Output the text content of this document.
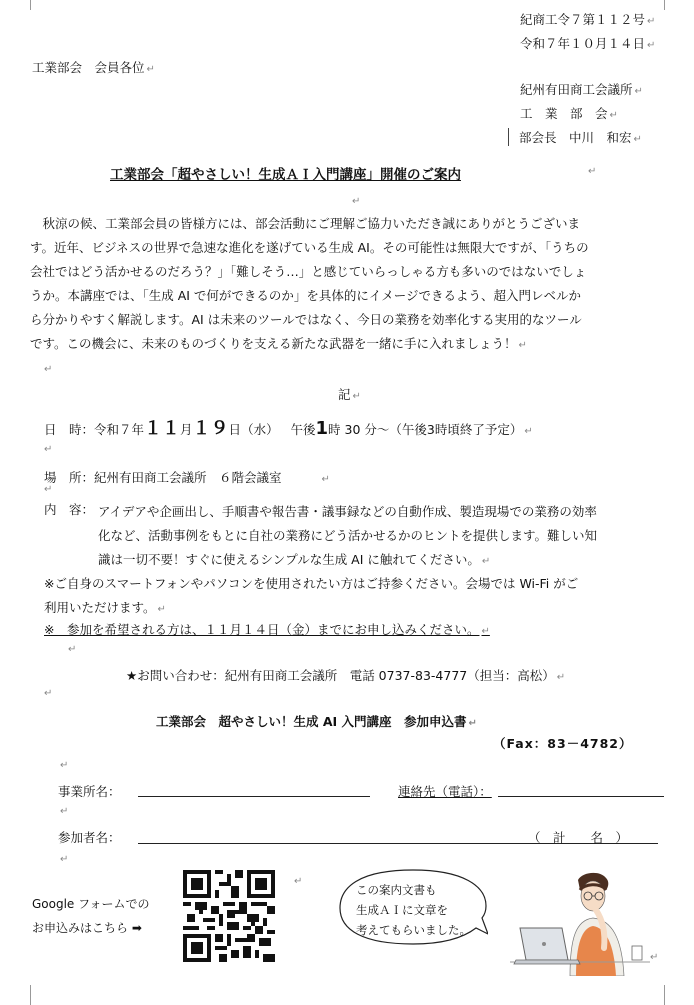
紀商工令７第１１２号 ↵
令和７年１０月１４日 ↵
工業部会　会員各位 ↵
紀州有田商工会議所 ↵
工　業　部　会 ↵
部会長　中川　和宏 ↵
工業部会「超やさしい！生成ＡＩ入門講座」開催のご案内	↵
↵
　秋涼の候、工業部会員の皆様方には、部会活動にご理解ご協力いただき誠にありがとうございま
す。近年、ビジネスの世界で急速な進化を遂げている生成 AI。その可能性は無限大ですが、「うちの
会社ではどう活かせるのだろう？」「難しそう…」と感じていらっしゃる方も多いのではないでしょ
うか。本講座では、「生成 AI で何ができるのか」を具体的にイメージできるよう、超入門レベルか
ら分かりやすく解説します。AI は未来のツールではなく、今日の業務を効率化する実用的なツール
です。この機会に、未来のものづくりを支える新たな武器を一緒に手に入れましょう！ ↵
↵
記 ↵
日　時：令和７年１１月１９日（水） 午後1時 30 分～（午後3時頃終了予定） ↵
↵
場　所：紀州有田商工会議所　６階会議室	↵
↵
内　容： アイデアや企画出し、手順書や報告書・議事録などの自動作成、製造現場での業務の効率
化など、活動事例をもとに自社の業務にどう活かせるかのヒントを提供します。難しい知
識は一切不要！すぐに使えるシンプルな生成 AI に触れてください。 ↵
※ご自身のスマートフォンやパソコンを使用されたい方はご持参ください。会場では Wi-Fi がご
利用いただけます。 ↵
※　参加を希望される方は、１１月１４日（金）までにお申し込みください。 ↵
↵
★お問い合わせ：紀州有田商工会議所　電話 0737-83-4777（担当：高松） ↵
↵
工業部会　超やさしい！生成 AI 入門講座　参加申込書 ↵
（Fax：83－4782）
↵
事業所名：	連絡先（電話）：
↵
参加者名：	（　計　　名　）
↵
Google フォームでの
お申込みはこちら ➡
↵
この案内文書も
生成ＡＩに文章を
考えてもらいました。
↵
